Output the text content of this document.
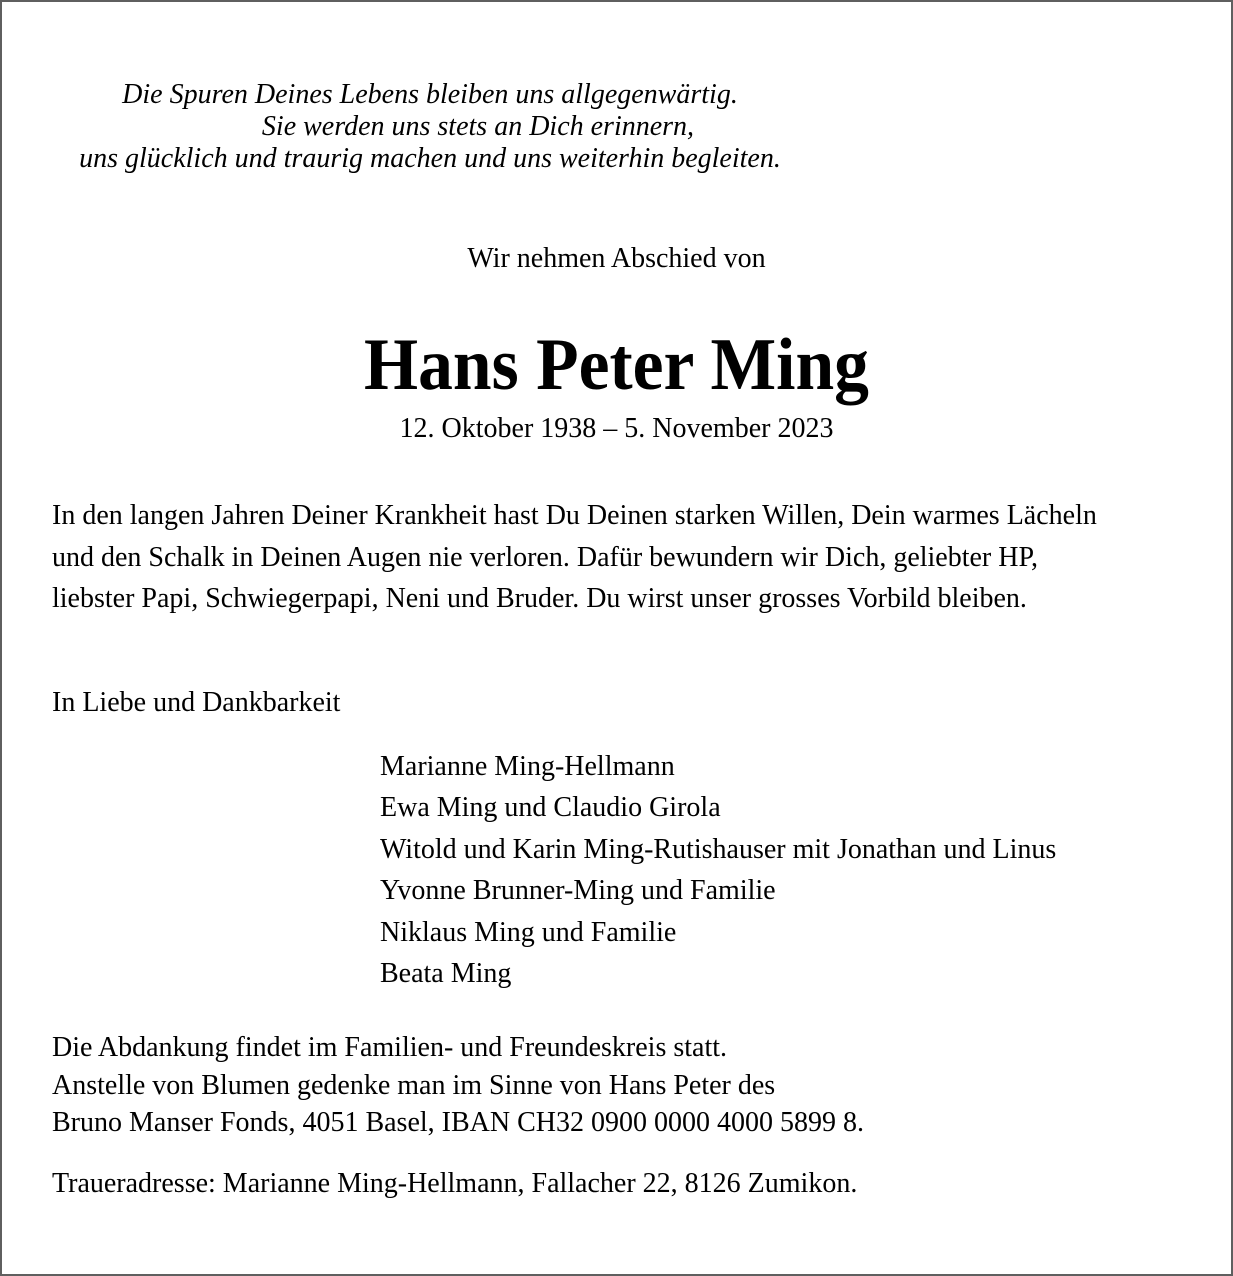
Die Spuren Deines Lebens bleiben uns allgegenwärtig.
Sie werden uns stets an Dich erinnern,
uns glücklich und traurig machen und uns weiterhin begleiten.
Wir nehmen Abschied von
Hans Peter Ming
12. Oktober 1938 – 5. November 2023
In den langen Jahren Deiner Krankheit hast Du Deinen starken Willen, Dein warmes Lächeln
und den Schalk in Deinen Augen nie verloren. Dafür bewundern wir Dich, geliebter HP,
liebster Papi, Schwiegerpapi, Neni und Bruder. Du wirst unser grosses Vorbild bleiben.
In Liebe und Dankbarkeit
Marianne Ming-Hellmann
Ewa Ming und Claudio Girola
Witold und Karin Ming-Rutishauser mit Jonathan und Linus
Yvonne Brunner-Ming und Familie
Niklaus Ming und Familie
Beata Ming
Die Abdankung findet im Familien- und Freundeskreis statt.
Anstelle von Blumen gedenke man im Sinne von Hans Peter des
Bruno Manser Fonds, 4051 Basel, IBAN CH32 0900 0000 4000 5899 8.
Traueradresse: Marianne Ming-Hellmann, Fallacher 22, 8126 Zumikon.
